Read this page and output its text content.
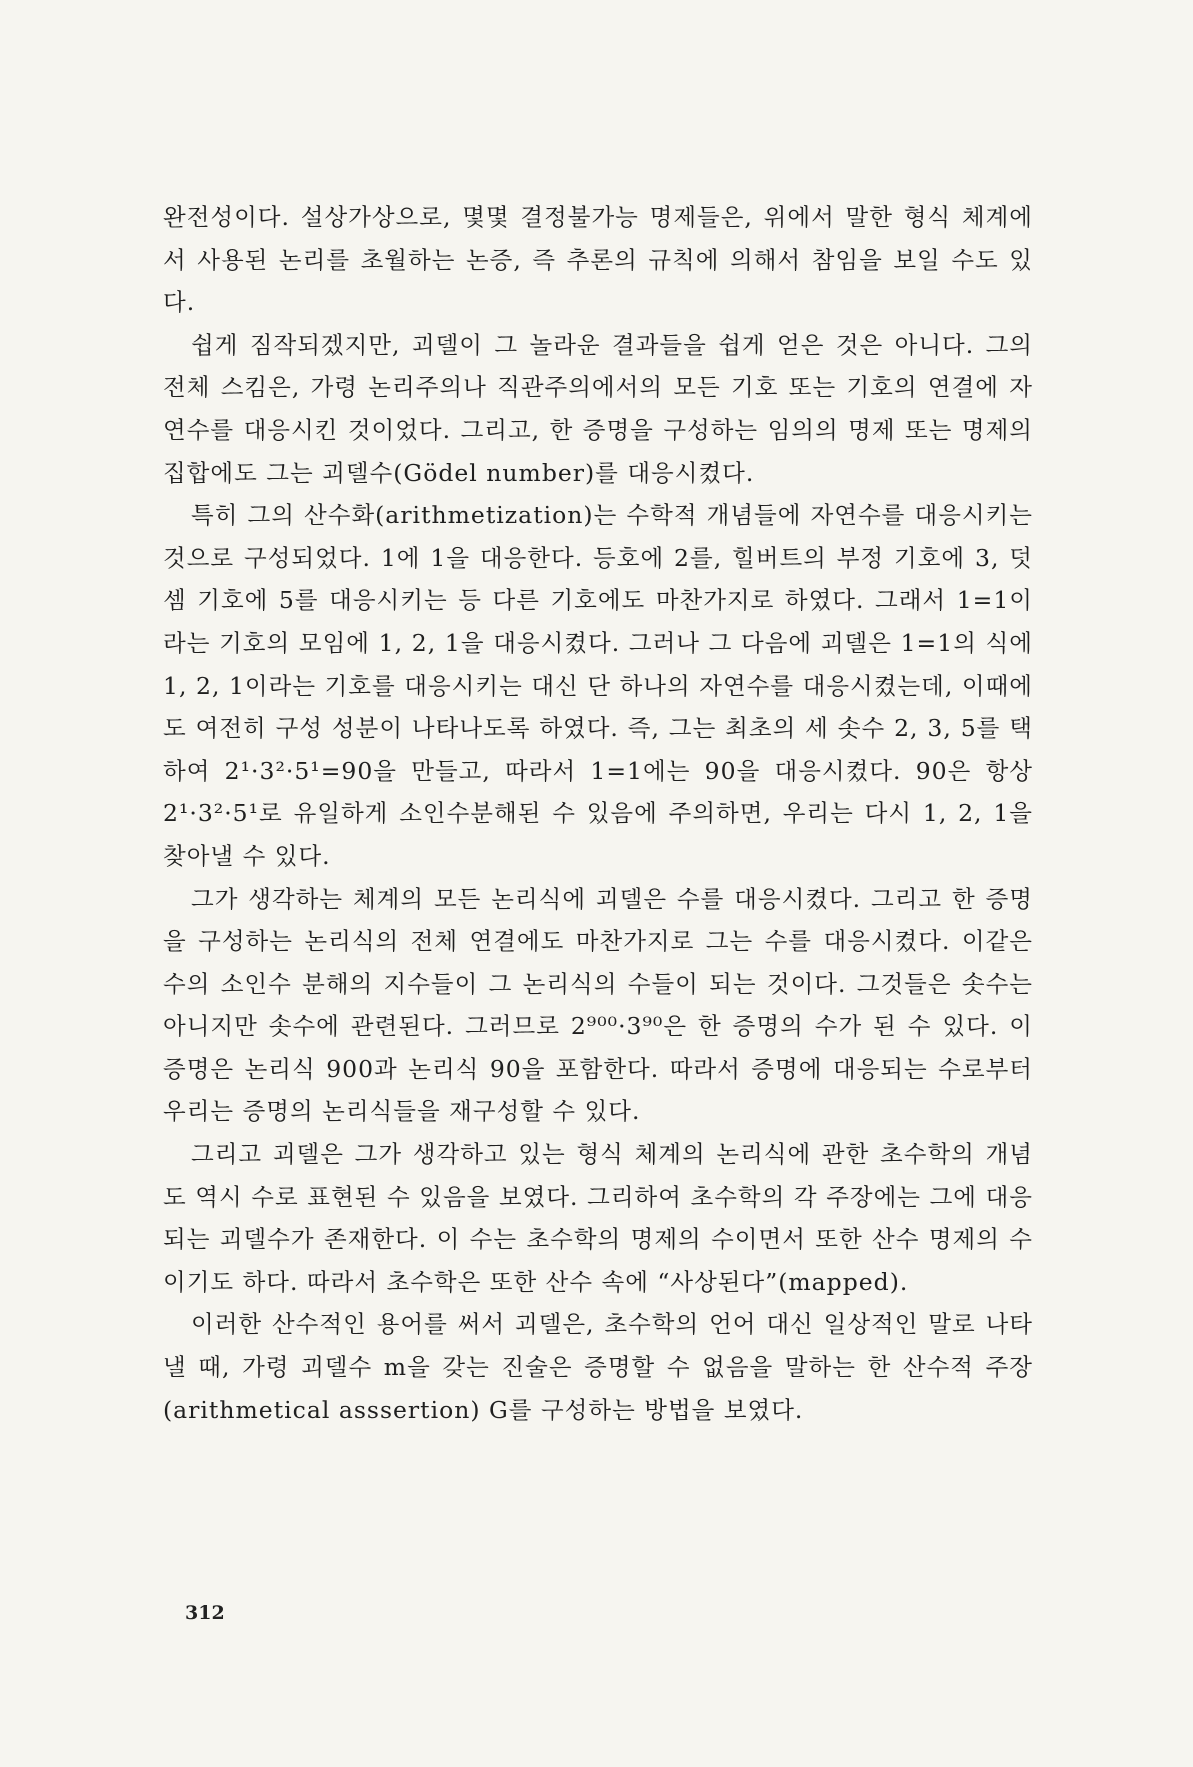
완전성이다. 설상가상으로, 몇몇 결정불가능 명제들은, 위에서 말한 형식 체계에서 사용된 논리를 초월하는 논증, 즉 추론의 규칙에 의해서 참임을 보일 수도 있다.

쉽게 짐작되겠지만, 괴델이 그 놀라운 결과들을 쉽게 얻은 것은 아니다. 그의 전체 스킴은, 가령 논리주의나 직관주의에서의 모든 기호 또는 기호의 연결에 자연수를 대응시킨 것이었다. 그리고, 한 증명을 구성하는 임의의 명제 또는 명제의 집합에도 그는 괴델수(Gödel number)를 대응시켰다.

특히 그의 산수화(arithmetization)는 수학적 개념들에 자연수를 대응시키는 것으로 구성되었다. 1에 1을 대응한다. 등호에 2를, 힐버트의 부정 기호에 3, 덧셈 기호에 5를 대응시키는 등 다른 기호에도 마찬가지로 하였다. 그래서 1=1이라는 기호의 모임에 1, 2, 1을 대응시켰다. 그러나 그 다음에 괴델은 1=1의 식에 1, 2, 1이라는 기호를 대응시키는 대신 단 하나의 자연수를 대응시켰는데, 이때에도 여전히 구성 성분이 나타나도록 하였다. 즉, 그는 최초의 세 솟수 2, 3, 5를 택하여 2¹·3²·5¹=90을 만들고, 따라서 1=1에는 90을 대응시켰다. 90은 항상 2¹·3²·5¹로 유일하게 소인수분해된 수 있음에 주의하면, 우리는 다시 1, 2, 1을 찾아낼 수 있다.

그가 생각하는 체계의 모든 논리식에 괴델은 수를 대응시켰다. 그리고 한 증명을 구성하는 논리식의 전체 연결에도 마찬가지로 그는 수를 대응시켰다. 이같은 수의 소인수 분해의 지수들이 그 논리식의 수들이 되는 것이다. 그것들은 솟수는 아니지만 솟수에 관련된다. 그러므로 2⁹⁰⁰·3⁹⁰은 한 증명의 수가 된 수 있다. 이 증명은 논리식 900과 논리식 90을 포함한다. 따라서 증명에 대응되는 수로부터 우리는 증명의 논리식들을 재구성할 수 있다.

그리고 괴델은 그가 생각하고 있는 형식 체계의 논리식에 관한 초수학의 개념도 역시 수로 표현된 수 있음을 보였다. 그리하여 초수학의 각 주장에는 그에 대응되는 괴델수가 존재한다. 이 수는 초수학의 명제의 수이면서 또한 산수 명제의 수이기도 하다. 따라서 초수학은 또한 산수 속에 “사상된다”(mapped).

이러한 산수적인 용어를 써서 괴델은, 초수학의 언어 대신 일상적인 말로 나타낼 때, 가령 괴델수 m을 갖는 진술은 증명할 수 없음을 말하는 한 산수적 주장(arithmetical asssertion) G를 구성하는 방법을 보였다.

312
